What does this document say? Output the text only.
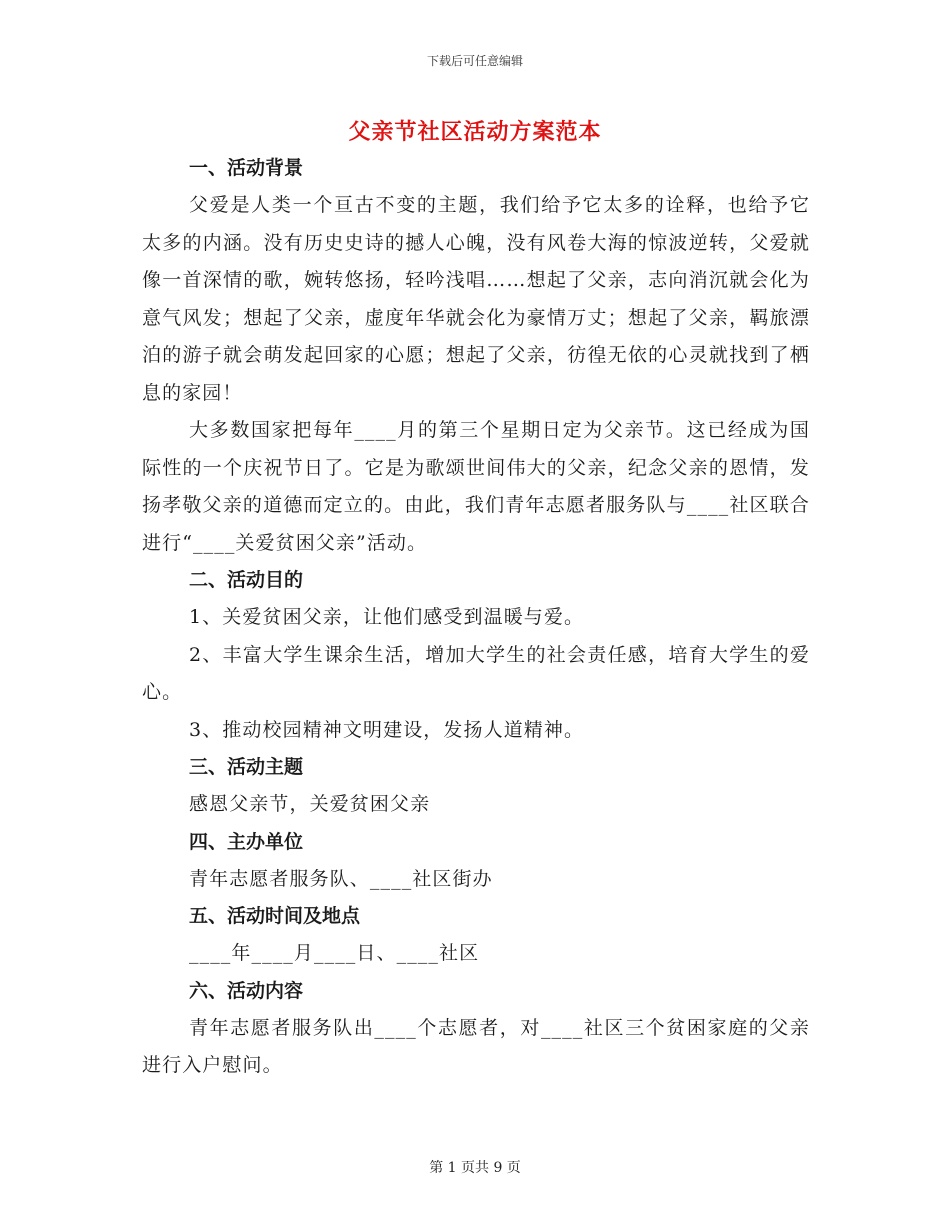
下载后可任意编辑
父亲节社区活动方案范本
一、活动背景

父爱是人类一个亘古不变的主题，我们给予它太多的诠释，也给予它太多的内涵。没有历史史诗的撼人心魄，没有风卷大海的惊波逆转，父爱就像一首深情的歌，婉转悠扬，轻吟浅唱……想起了父亲，志向消沉就会化为意气风发；想起了父亲，虚度年华就会化为豪情万丈；想起了父亲，羁旅漂泊的游子就会萌发起回家的心愿；想起了父亲，彷徨无依的心灵就找到了栖息的家园！

大多数国家把每年____月的第三个星期日定为父亲节。这已经成为国际性的一个庆祝节日了。它是为歌颂世间伟大的父亲，纪念父亲的恩情，发扬孝敬父亲的道德而定立的。由此，我们青年志愿者服务队与____社区联合进行“____关爱贫困父亲”活动。

二、活动目的

1、关爱贫困父亲，让他们感受到温暖与爱。

2、丰富大学生课余生活，增加大学生的社会责任感，培育大学生的爱心。

3、推动校园精神文明建设，发扬人道精神。

三、活动主题

感恩父亲节，关爱贫困父亲

四、主办单位

青年志愿者服务队、____社区街办

五、活动时间及地点

____年____月____日、____社区

六、活动内容

青年志愿者服务队出____个志愿者，对____社区三个贫困家庭的父亲进行入户慰问。

第 1 页共 9 页
